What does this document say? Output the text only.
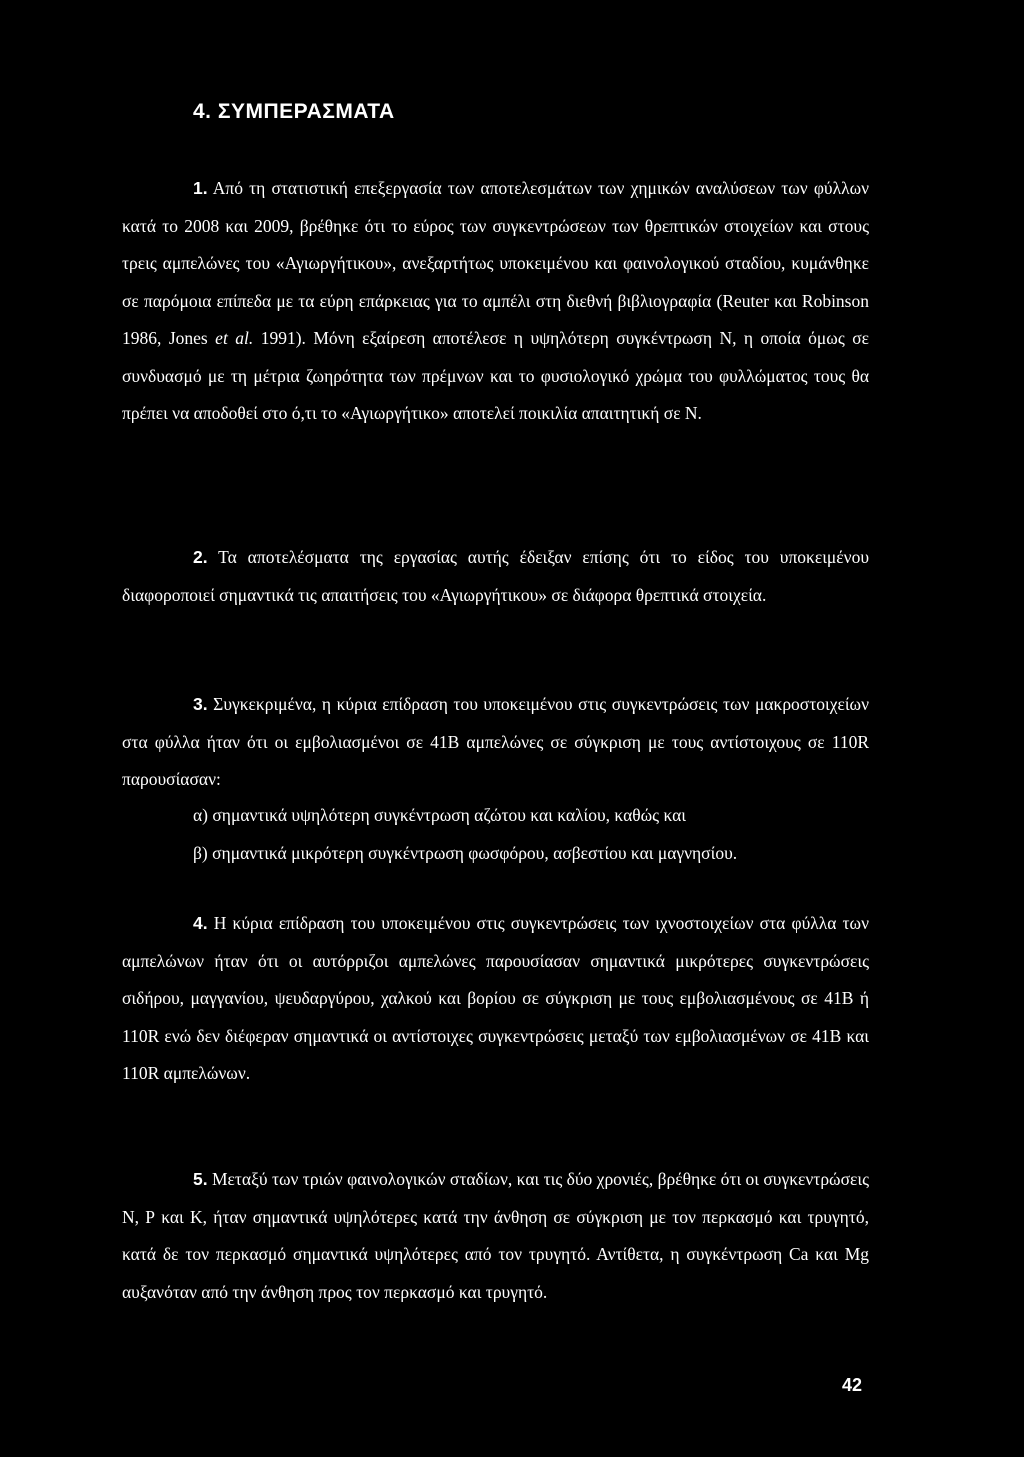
4. ΣΥΜΠΕΡΑΣΜΑΤΑ

1. Από τη στατιστική επεξεργασία των αποτελεσμάτων των χημικών αναλύσεων των φύλλων κατά το 2008 και 2009, βρέθηκε ότι το εύρος των συγκεντρώσεων των θρεπτικών στοιχείων και στους τρεις αμπελώνες του «Αγιωργήτικου», ανεξαρτήτως υποκειμένου και φαινολογικού σταδίου, κυμάνθηκε σε παρόμοια επίπεδα με τα εύρη επάρκειας για το αμπέλι στη διεθνή βιβλιογραφία (Reuter και Robinson 1986, Jones et al. 1991). Μόνη εξαίρεση αποτέλεσε η υψηλότερη συγκέντρωση Ν, η οποία όμως σε συνδυασμό με τη μέτρια ζωηρότητα των πρέμνων και το φυσιολογικό χρώμα του φυλλώματος τους θα πρέπει να αποδοθεί στο ό,τι το «Αγιωργήτικο» αποτελεί ποικιλία απαιτητική σε Ν.

2. Τα αποτελέσματα της εργασίας αυτής έδειξαν επίσης ότι το είδος του υποκειμένου διαφοροποιεί σημαντικά τις απαιτήσεις του «Αγιωργήτικου» σε διάφορα θρεπτικά στοιχεία.

3. Συγκεκριμένα, η κύρια επίδραση του υποκειμένου στις συγκεντρώσεις των μακροστοιχείων στα φύλλα ήταν ότι οι εμβολιασμένοι σε 41Β αμπελώνες σε σύγκριση με τους αντίστοιχους σε 110R παρουσίασαν:

α) σημαντικά υψηλότερη συγκέντρωση αζώτου και καλίου, καθώς και

β) σημαντικά μικρότερη συγκέντρωση φωσφόρου, ασβεστίου και μαγνησίου.

4. Η κύρια επίδραση του υποκειμένου στις συγκεντρώσεις των ιχνοστοιχείων στα φύλλα των αμπελώνων ήταν ότι οι αυτόρριζοι αμπελώνες παρουσίασαν σημαντικά μικρότερες συγκεντρώσεις σιδήρου, μαγγανίου, ψευδαργύρου, χαλκού και βορίου σε σύγκριση με τους εμβολιασμένους σε 41Β ή 110R ενώ δεν διέφεραν σημαντικά οι αντίστοιχες συγκεντρώσεις μεταξύ των εμβολιασμένων σε 41Β και 110R αμπελώνων.

5. Μεταξύ των τριών φαινολογικών σταδίων, και τις δύο χρονιές, βρέθηκε ότι οι συγκεντρώσεις Ν, Ρ και Κ, ήταν σημαντικά υψηλότερες κατά την άνθηση σε σύγκριση με τον περκασμό και τρυγητό, κατά δε τον περκασμό σημαντικά υψηλότερες από τον τρυγητό. Αντίθετα, η συγκέντρωση Ca και Mg αυξανόταν από την άνθηση προς τον περκασμό και τρυγητό.

42
